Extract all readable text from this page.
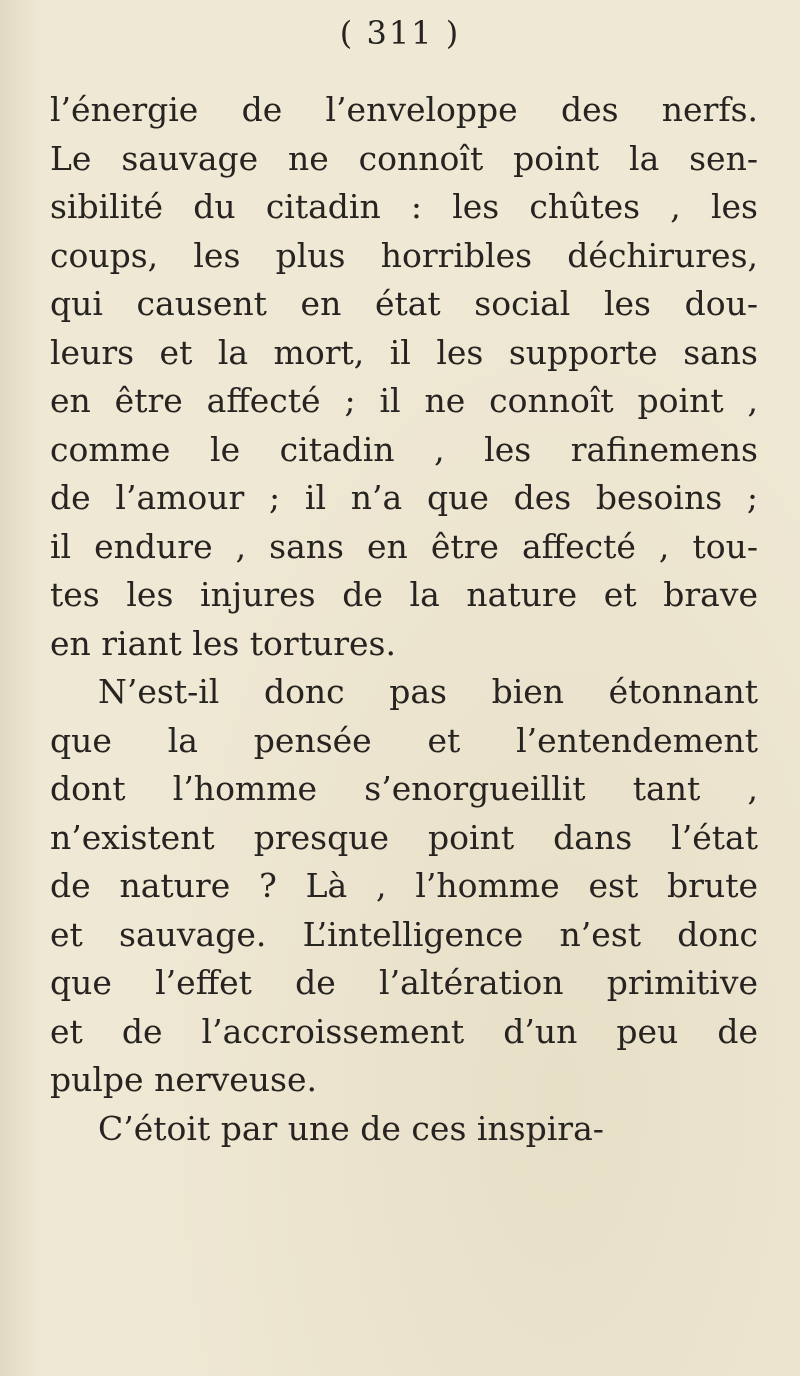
( 311 )
l’énergie de l’enveloppe des nerfs.
Le sauvage ne connoît point la sen-
sibilité du citadin : les chûtes , les
coups, les plus horribles déchirures,
qui causent en état social les dou-
leurs et la mort, il les supporte sans
en être affecté ; il ne connoît point ,
comme le citadin , les rafinemens
de l’amour ; il n’a que des besoins ;
il endure , sans en être affecté , tou-
tes les injures de la nature et brave
en riant les tortures.
N’est-il donc pas bien étonnant
que la pensée et l’entendement
dont l’homme s’enorgueillit tant ,
n’existent presque point dans l’état
de nature ? Là , l’homme est brute
et sauvage. L’intelligence n’est donc
que l’effet de l’altération primitive
et de l’accroissement d’un peu de
pulpe nerveuse.
C’étoit par une de ces inspira-
